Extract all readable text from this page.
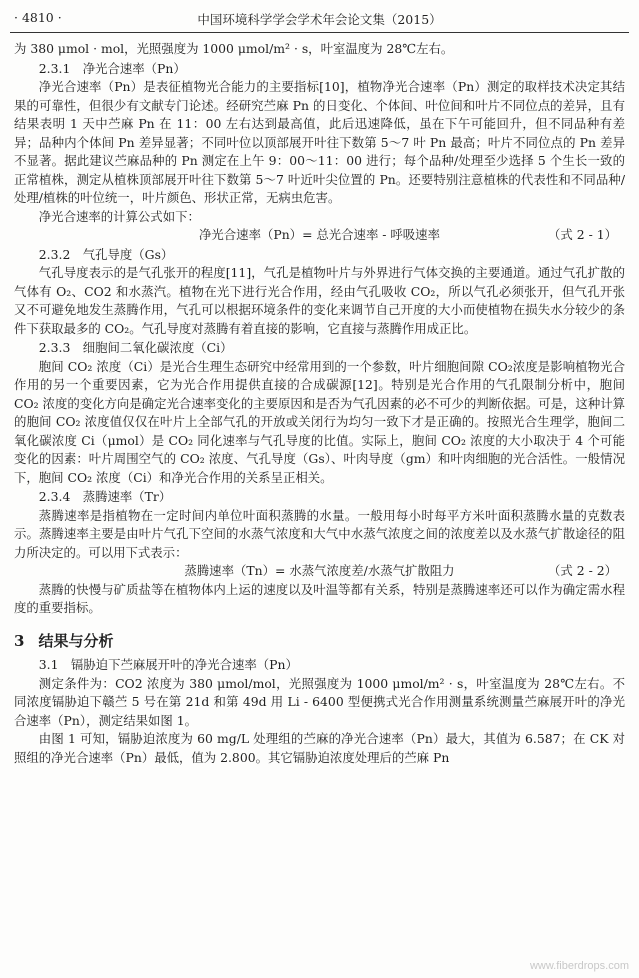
· 4810 ·	中国环境科学学会学术年会论文集（2015）
为 380 μmol · mol，光照强度为 1000 μmol/m² · s，叶室温度为 28℃左右。
2.3.1　净光合速率（Pn）
净光合速率（Pn）是表征植物光合能力的主要指标[10]，植物净光合速率（Pn）测定的取样技术决定其结果的可靠性，但很少有文献专门论述。经研究苎麻 Pn 的日变化、个体间、叶位间和叶片不同位点的差异，且有结果表明 1 天中苎麻 Pn 在 11：00 左右达到最高值，此后迅速降低，虽在下午可能回升，但不同品种有差异；品种内个体间 Pn 差异显著；不同叶位以顶部展开叶往下数第 5～7 叶 Pn 最高；叶片不同位点的 Pn 差异不显著。据此建议苎麻品种的 Pn 测定在上午 9：00～11：00 进行；每个品种/处理至少选择 5 个生长一致的正常植株，测定从植株顶部展开叶往下数第 5～7 叶近叶尖位置的 Pn。还要特别注意植株的代表性和不同品种/处理/植株的叶位统一，叶片颜色、形状正常，无病虫危害。
净光合速率的计算公式如下：
净光合速率（Pn）= 总光合速率 - 呼吸速率	（式 2 - 1）
2.3.2　气孔导度（Gs）
气孔导度表示的是气孔张开的程度[11]，气孔是植物叶片与外界进行气体交换的主要通道。通过气孔扩散的气体有 O₂、CO2 和水蒸汽。植物在光下进行光合作用，经由气孔吸收 CO₂，所以气孔必须张开，但气孔开张又不可避免地发生蒸腾作用，气孔可以根据环境条件的变化来调节自己开度的大小而使植物在损失水分较少的条件下获取最多的 CO₂。气孔导度对蒸腾有着直接的影响，它直接与蒸腾作用成正比。
2.3.3　细胞间二氧化碳浓度（Ci）
胞间 CO₂ 浓度（Ci）是光合生理生态研究中经常用到的一个参数，叶片细胞间隙 CO₂浓度是影响植物光合作用的另一个重要因素，它为光合作用提供直接的合成碳源[12]。特别是光合作用的气孔限制分析中，胞间 CO₂ 浓度的变化方向是确定光合速率变化的主要原因和是否为气孔因素的必不可少的判断依据。可是，这种计算的胞间 CO₂ 浓度值仅仅在叶片上全部气孔的开放或关闭行为均匀一致下才是正确的。按照光合生理学，胞间二氧化碳浓度 Ci（μmol）是 CO₂ 同化速率与气孔导度的比值。实际上，胞间 CO₂ 浓度的大小取决于 4 个可能变化的因素：叶片周围空气的 CO₂ 浓度、气孔导度（Gs）、叶肉导度（gm）和叶肉细胞的光合活性。一般情况下，胞间 CO₂ 浓度（Ci）和净光合作用的关系呈正相关。
2.3.4　蒸腾速率（Tr）
蒸腾速率是指植物在一定时间内单位叶面积蒸腾的水量。一般用每小时每平方米叶面积蒸腾水量的克数表示。蒸腾速率主要是由叶片气孔下空间的水蒸气浓度和大气中水蒸气浓度之间的浓度差以及水蒸气扩散途径的阻力所决定的。可以用下式表示：
蒸腾速率（Tn）= 水蒸气浓度差/水蒸气扩散阻力	（式 2 - 2）
蒸腾的快慢与矿质盐等在植物体内上运的速度以及叶温等都有关系，特别是蒸腾速率还可以作为确定需水程度的重要指标。
3 结果与分析
3.1　镉胁迫下苎麻展开叶的净光合速率（Pn）
测定条件为：CO2 浓度为 380 μmol/mol，光照强度为 1000 μmol/m² · s，叶室温度为 28℃左右。不同浓度镉胁迫下赣苎 5 号在第 21d 和第 49d 用 Li - 6400 型便携式光合作用测量系统测量苎麻展开叶的净光合速率（Pn），测定结果如图 1。
由图 1 可知，镉胁迫浓度为 60 mg/L 处理组的苎麻的净光合速率（Pn）最大，其值为 6.587；在 CK 对照组的净光合速率（Pn）最低，值为 2.800。其它镉胁迫浓度处理后的苎麻 Pn
www.fiberdrops.com
